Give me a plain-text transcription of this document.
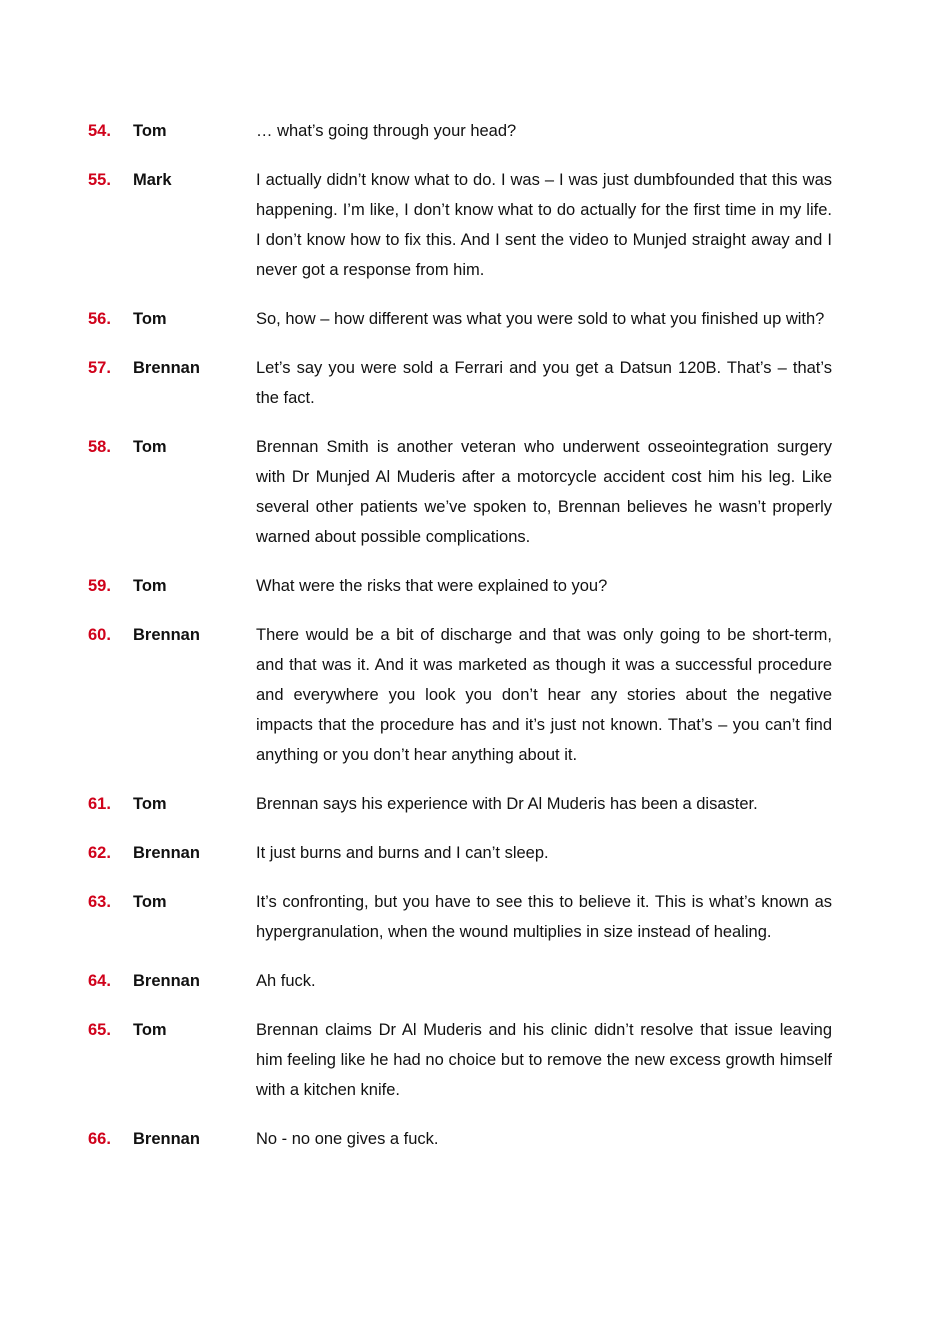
54.	Tom	… what’s going through your head?
55.	Mark	I actually didn’t know what to do. I was – I was just dumbfounded that this was happening. I’m like, I don’t know what to do actually for the first time in my life. I don’t know how to fix this. And I sent the video to Munjed straight away and I never got a response from him.
56.	Tom	So, how – how different was what you were sold to what you finished up with?
57.	Brennan	Let’s say you were sold a Ferrari and you get a Datsun 120B. That’s – that’s the fact.
58.	Tom	Brennan Smith is another veteran who underwent osseointegration surgery with Dr Munjed Al Muderis after a motorcycle accident cost him his leg. Like several other patients we’ve spoken to, Brennan believes he wasn’t properly warned about possible complications.
59.	Tom	What were the risks that were explained to you?
60.	Brennan	There would be a bit of discharge and that was only going to be short-term, and that was it. And it was marketed as though it was a successful procedure and everywhere you look you don’t hear any stories about the negative impacts that the procedure has and it’s just not known. That’s – you can’t find anything or you don’t hear anything about it.
61.	Tom	Brennan says his experience with Dr Al Muderis has been a disaster.
62.	Brennan	It just burns and burns and I can’t sleep.
63.	Tom	It’s confronting, but you have to see this to believe it. This is what’s known as hypergranulation, when the wound multiplies in size instead of healing.
64.	Brennan	Ah fuck.
65.	Tom	Brennan claims Dr Al Muderis and his clinic didn’t resolve that issue leaving him feeling like he had no choice but to remove the new excess growth himself with a kitchen knife.
66.	Brennan	No - no one gives a fuck.
